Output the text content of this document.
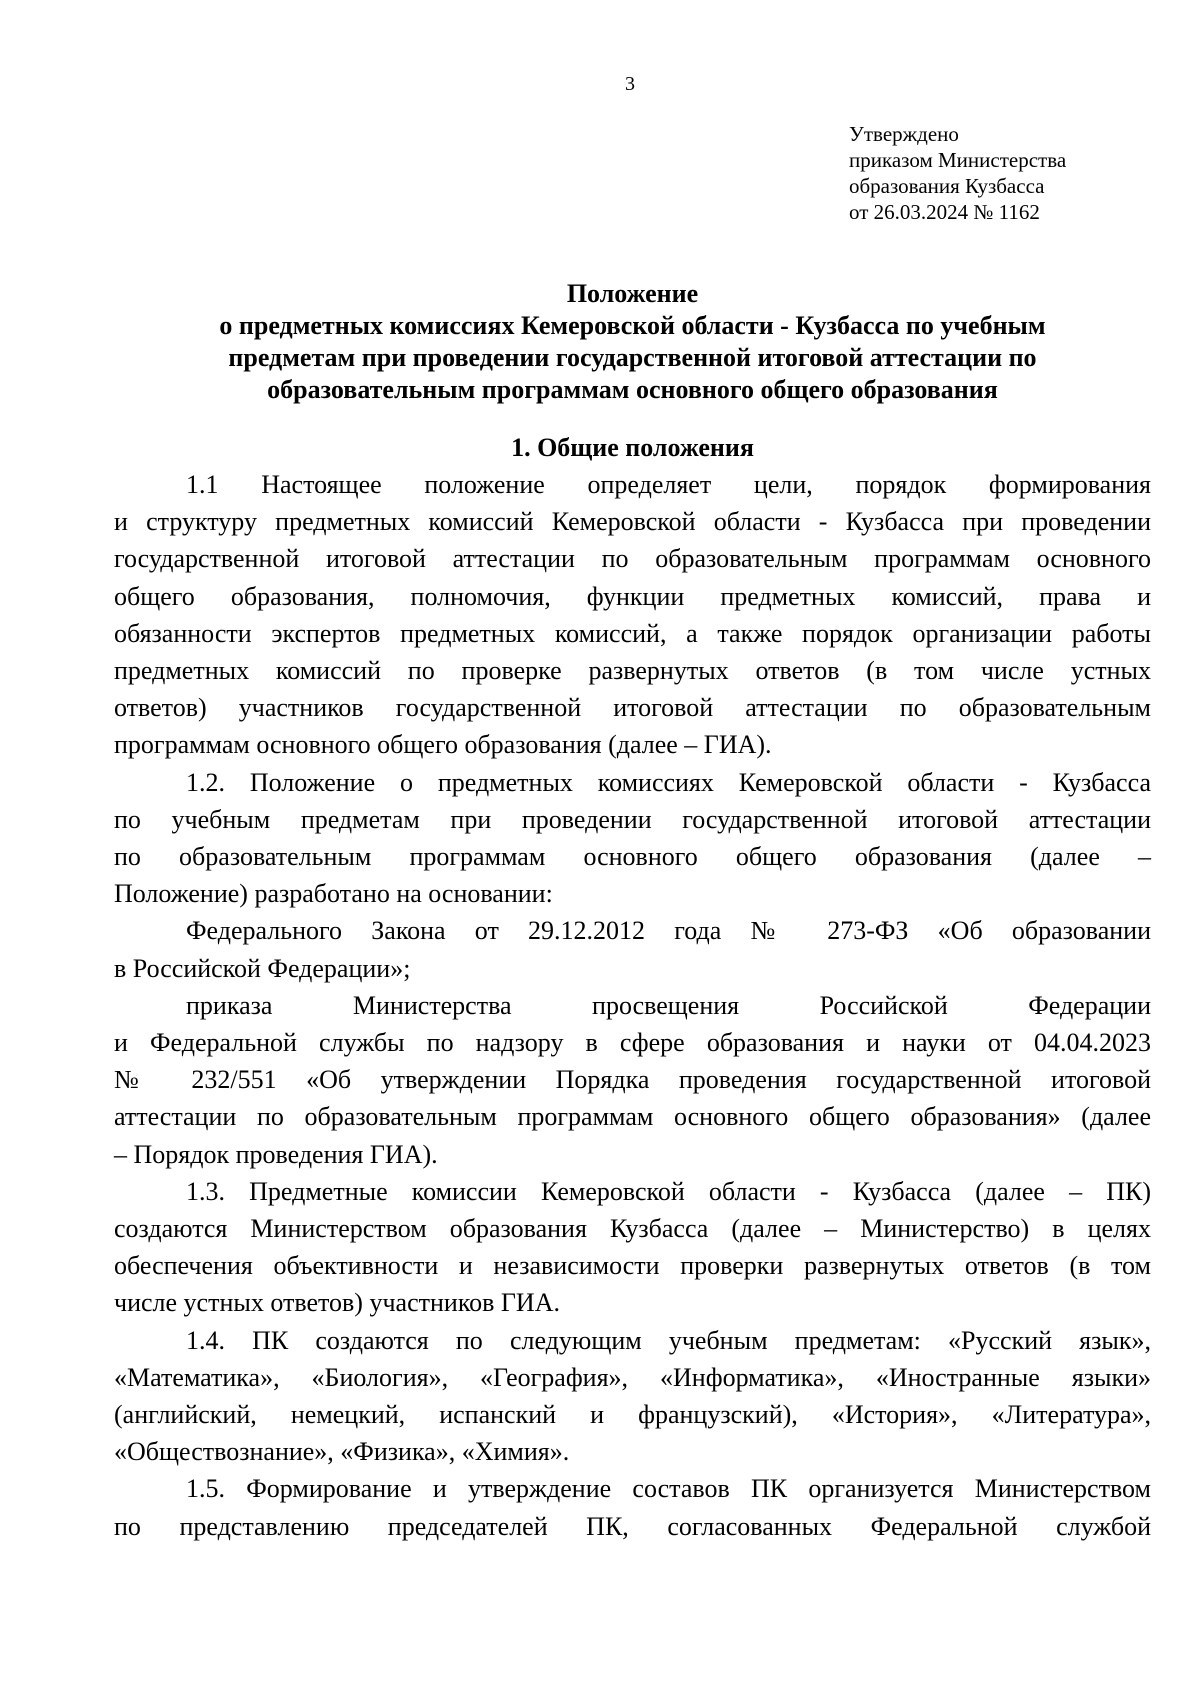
3
Утверждено
приказом Министерства
образования Кузбасса
от 26.03.2024 № 1162
Положение
о предметных комиссиях Кемеровской области - Кузбасса по учебным
предметам при проведении государственной итоговой аттестации по
образовательным программам основного общего образования
1. Общие положения
1.1 Настоящее положение определяет цели, порядок формирования
и структуру предметных комиссий Кемеровской области - Кузбасса при проведении
государственной итоговой аттестации по образовательным программам основного
общего образования, полномочия, функции предметных комиссий, права и
обязанности экспертов предметных комиссий, а также порядок организации работы
предметных комиссий по проверке развернутых ответов (в том числе устных
ответов) участников государственной итоговой аттестации по образовательным
программам основного общего образования (далее – ГИА).
1.2. Положение о предметных комиссиях Кемеровской области - Кузбасса
по учебным предметам при проведении государственной итоговой аттестации
по образовательным программам основного общего образования (далее –
Положение) разработано на основании:
Федерального Закона от 29.12.2012 года № 273-ФЗ «Об образовании
в Российской Федерации»;
приказа Министерства просвещения Российской Федерации
и Федеральной службы по надзору в сфере образования и науки от 04.04.2023
№ 232/551 «Об утверждении Порядка проведения государственной итоговой
аттестации по образовательным программам основного общего образования» (далее
– Порядок проведения ГИА).
1.3. Предметные комиссии Кемеровской области - Кузбасса (далее – ПК)
создаются Министерством образования Кузбасса (далее – Министерство) в целях
обеспечения объективности и независимости проверки развернутых ответов (в том
числе устных ответов) участников ГИА.
1.4. ПК создаются по следующим учебным предметам: «Русский язык»,
«Математика», «Биология», «География», «Информатика», «Иностранные языки»
(английский, немецкий, испанский и французский), «История», «Литература»,
«Обществознание», «Физика», «Химия».
1.5. Формирование и утверждение составов ПК организуется Министерством
по представлению председателей ПК, согласованных Федеральной службой
